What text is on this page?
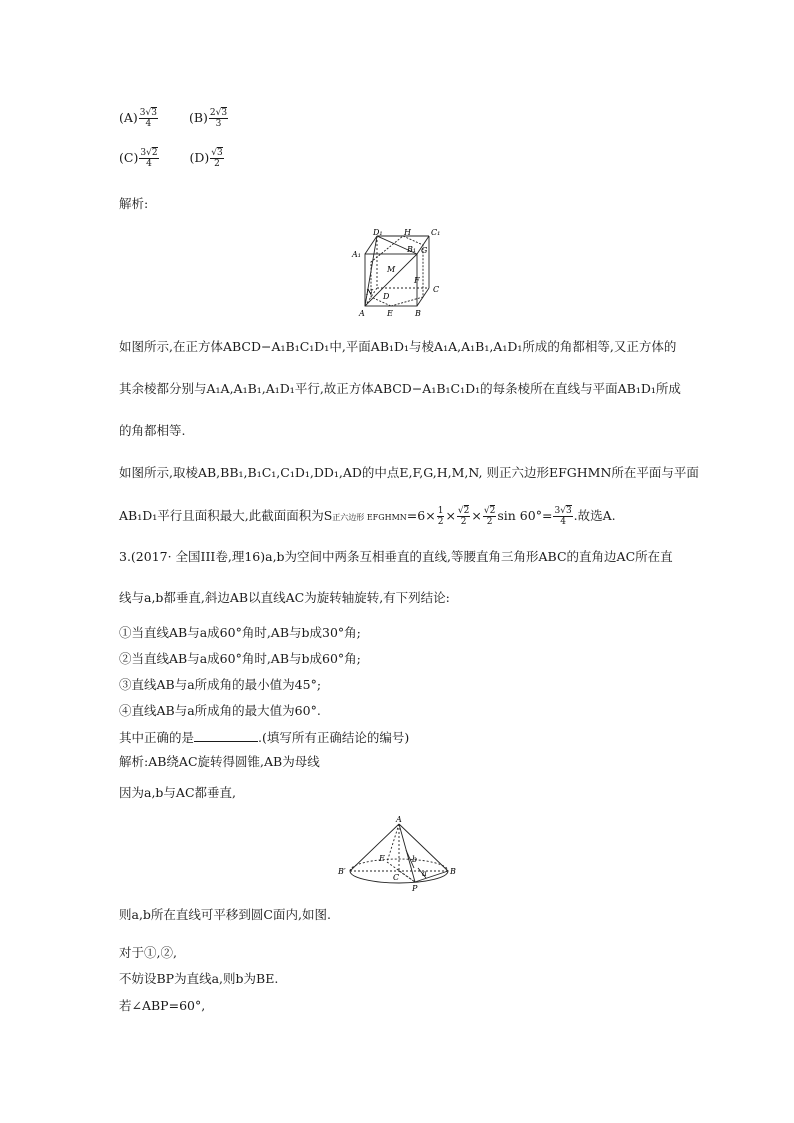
$(A) \frac{3√3}{4} (B) \frac{2√3}{3}$
$(C) \frac{3√2}{4} (D) \frac{√3}{2}$
解析:
D₁	H	C₁
A₁
B₁ G
M
F
N D
C
A	E	B
如图所示,在正方体ABCD−A₁B₁C₁D₁中,平面AB₁D₁与棱A₁A,A₁B₁,A₁D₁所成的角都相等,又正方体的
其余棱都分别与A₁A,A₁B₁,A₁D₁平行,故正方体ABCD−A₁B₁C₁D₁的每条棱所在直线与平面AB₁D₁所成
的角都相等.
如图所示,取棱AB,BB₁,B₁C₁,C₁D₁,DD₁,AD的中点E,F,G,H,M,N, 则正六边形EFGHMN所在平面与平面
AB₁D₁平行且面积最大,此截面面积为S正六边形 EFGHMN=6× $\frac{1}{2} \times \frac{√2}{2} \times \frac{√2}{2}$ $\sin 60^\circ= \frac{3√3}{4}$ .故选A.
3.(2017· 全国III卷,理16)a,b为空间中两条互相垂直的直线,等腰直角三角形ABC的直角边AC所在直
线与a,b都垂直,斜边AB以直线AC为旋转轴旋转,有下列结论:
①当直线AB与a成60°角时,AB与b成30°角;
②当直线AB与a成60°角时,AB与b成60°角;
③直线AB与a所成角的最小值为45°;
④直线AB与a所成角的最大值为60°.
其中正确的是	.(填写所有正确结论的编号)
解析:AB绕AC旋转得圆锥,AB为母线
因为a,b与AC都垂直,
A
E	b
a
B′
C
P
B
则a,b所在直线可平移到圆C面内,如图.
对于①,②,
不妨设BP为直线a,则b为BE.
若∠ABP=60°,
